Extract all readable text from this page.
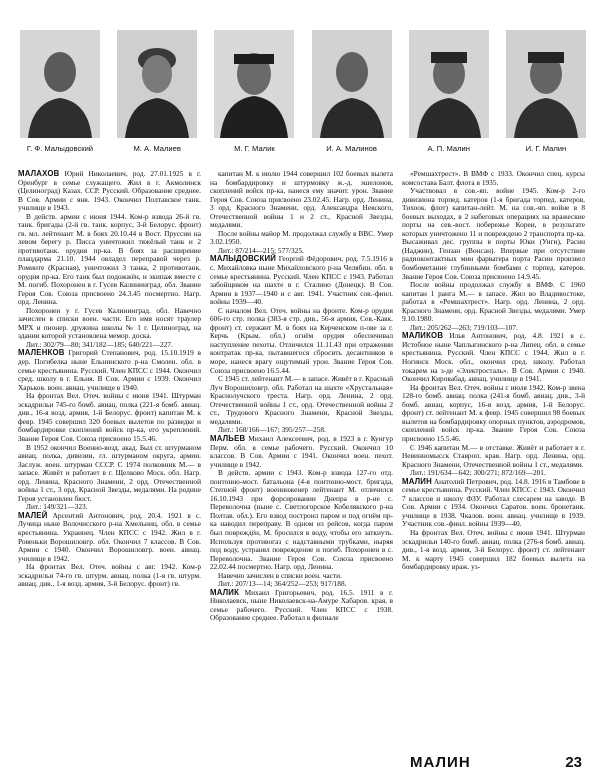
Г. Ф. Малыдовский	М. А. Малиев	М. Г. Малик	И. А. Малинов	А. П. Малин	И. Г. Малин

МАЛАХОВ Юрий Николаевич, род. 27.01.1925 в г. Оренбург в семье служащего. Жил в г. Акмолинск (Целиноград) Казах. ССР. Русский. Образование среднее. В Сов. Армии с янв. 1943. Окончил Полтавское танк. училище в 1943.

В действ. армии с июня 1944. Ком-р взвода 26-й гв. танк. бригады (2-й гв. танк. корпус, 3-й Белорус. фронт) гв. мл. лейтенант М. в боях 20.10.44 в Вост. Пруссии на левом берегу р. Писса уничтожил тяжёлый танк и 2 противотанк. орудия пр-ка. В боях за расширение плацдарма 21.10. 1944 овладел переправой через р. Роминте (Красная), уничтожил 3 танка, 2 противотанк. орудия пр-ка. Его танк был подожжён, и экипаж вместе с М. погиб. Похоронен в г. Гусев Калининград. обл. Звание Героя Сов. Союза присвоено 24.3.45 посмертно. Нагр. орд. Ленина.

Похоронен у г. Гусев Калининград. обл. Навечно зачислен в списки воен. части. Его имя носят траулер МРХ и пионер. дружина школы № 1 г. Целиноград, на здании которой установлена мемор. доска.

Лит.: 302/79—80; 341/182—185; 640/221—227.

МАЛЕНКОВ Григорий Степанович, род. 15.10.1919 в дер. Погибелка ныне Ельнинского р-на Смолен. обл. в семье крестьянина. Русский. Член КПСС с 1944. Окончил сред. школу в г. Ельня. В Сов. Армии с 1939. Окончил Харьков. воен. авиац. училище в 1940.

На фронтах Вел. Отеч. войны с июня 1941. Штурман эскадрильи 745-го бомб. авиац. полка (221-я бомб. авиац. див., 16-я возд. армия, 1-й Белорус. фронт) капитан М. к февр. 1945 совершил 320 боевых вылетов по разведке и бомбардировке скоплений войск пр-ка, его укреплений. Звание Героя Сов. Союза присвоено 15.5.46.

В 1952 окончил Военно-возд. акад. Был ст. штурманом авиац. полка, дивизии, гл. штурманом округа, армии. Заслуж. воен. штурман СССР. С 1974 полковник М.— в запасе. Живёт и работает в г. Щелково Моск. обл. Нагр. орд. Ленина, Красного Знамени, 2 орд. Отечественной войны 1 ст., 3 орд. Красной Звезды, медалями. На родине Героя установлен бюст.

Лит.: 149/321—323.

МАЛЕЙ Арсентий Антонович, род. 20.4. 1921 в с. Лучица ныне Волочисского р-на Хмельниц. обл. в семье крестьянина. Украинец. Член КПСС с 1942. Жил в г. Ровеньки Ворошиловгр. обл. Окончил 7 классов. В Сов. Армии с 1940. Окончил Ворошиловгр. воен. авиац. училище в 1942.

На фронтах Вел. Отеч. войны с авг. 1942. Ком-р эскадрильи 74-го гв. штурм. авиац. полка (1-я гв. штурм. авиац. див., 1-я возд. армия, 3-й Белорус. фронт) гв.

капитан М. к июлю 1944 совершил 102 боевых вылета на бомбардировку и штурмовку ж.-д. эшелонов, скоплений войск пр-ка, нанеся ему значит. урон. Звание Героя Сов. Союза присвоено 23.02.45. Нагр. орд. Ленина, 3 орд. Красного Знамени, орд. Александра Невского, Отечественной войны 1 и 2 ст., Красной Звезды, медалями.

После войны майор М. продолжал службу в ВВС. Умер 3.02.1950.

Лит.: 87/214—215; 577/325.

МАЛЫДОВСКИЙ Георгий Фёдорович, род. 7.5.1916 в с. Михайловка ныне Михайловского р-на Челябин. обл. в семье крестьянина. Русский. Член КПСС с 1943. Работал забойщиком на шахте в г. Сталино (Донецк). В Сов. Армии в 1937—1940 и с авг. 1941. Участник сов.-финл. войны 1939—40.

С началом Вел. Отеч. войны на фронте. Ком-р орудия 606-го стр. полка (383-я стр. див., 56-я армия, Сев.-Кавк. фронт) ст. сержант М. в боях на Керченском п-ове за г. Керчь (Крым. обл.) огнём орудия обеспечивал наступление пехоты. Отличился 11.11.43 при отражении контратак пр-ка, пытавшегося сбросить десантников в море, нанеся врагу ощутимый урон. Звание Героя Сов. Союза присвоено 16.5.44.

С 1945 ст. лейтенант М.— в запасе. Живёт в г. Красный Луч Ворошиловгр. обл. Работал на шахте «Хрустальная» Краснолучского треста. Нагр. орд. Ленина, 2 орд. Отечественной войны 1 ст., орд. Отечественной войны 2 ст., Трудового Красного Знамени, Красной Звезды, медалями.

Лит.: 168/166—167; 395/257—258.

МАЛЬЕВ Михаил Алексеевич, род. в 1923 в г. Кунгур Перм. обл. в семье рабочего. Русский. Окончил 10 классов. В Сов. Армии с 1941. Окончил воен. пехот. училище в 1942.

В действ. армии с 1943. Ком-р взвода 127-го отд. понтонно-мост. батальона (4-я понтонно-мост. бригада, Степной фронт) военинженер лейтенант М. отличился 16.10.1943 при форсировании Днепра в р-не с. Переволочна (ныне с. Светлогорское Кобелякского р-на Полтав. обл.). Его взвод построил паром и под огнём пр-ка наводил переправу. В одном из рейсов, когда паром был повреждён, М. бросился в воду, чтобы его заткнуть. Используя противогаз с надставными трубками, ныряя под воду, устранял повреждение и погиб. Похоронен в с. Переволочна. Звание Героя Сов. Союза присвоено 22.02.44 посмертно. Нагр. орд. Ленина.

Навечно зачислен в списки воен. части.

Лит.: 207/13—14; 364/252—253; 917/188.

МАЛИК Михаил Григорьевич, род. 16.5. 1911 в г. Николаевск, ныне Николаевск-на-Амуре Хабаров. края, в семье рабочего. Русский. Член КПСС с 1938. Образование среднее. Работал в филиале

«Ремшахтрест». В ВМФ с 1933. Окончил спец. курсы комсостава Балт. флота в 1935.

Участвовал в сов.-яп. войне 1945. Ком-р 2-го дивизиона торпед. катеров (1-я бригада торпед. катеров, Тихоок. флот) капитан-лейт. М. на сов.-яп. войне в 8 боевых выходах, в 2 набеговых операциях на вражеские порты на сев.-вост. побережье Кореи, в результате которых уничтожено 11 и повреждено 2 транспорта пр-ка. Высаживал дес. группы в порты Юки (Унги), Расин (Наджин), Гензан (Вонсан). Впервые при отсутствии радиоконтактных мин фарватера порта Расин произвел бомбометание глубинными бомбами с торпед. катеров. Звание Героя Сов. Союза присвоено 14.9.45.

После войны продолжал службу в ВМФ. С 1960 капитан 1 ранга М.— в запасе. Жил во Владивостоке, работал в «Ремшахтрест». Нагр. орд. Ленина, 2 орд. Красного Знамени, орд. Красной Звезды, медалями. Умер 9.10.1980.

Лит.: 205/262—263; 719/103—107.

МАЛИКОВ Илья Антонович, род. 4.8. 1921 в с. Истобное ныне Чаплыгинского р-на Липец. обл. в семье крестьянина. Русский. Член КПСС с 1944. Жил в г. Ногинск Моск. обл., окончил сред. школу. Работал токарем на з-де «Электросталь». В Сов. Армии с 1940. Окончил Кировабад. авиац. училище в 1941.

На фронтах Вел. Отеч. войны с июля 1942. Ком-р звена 128-го бомб. авиац. полка (241-я бомб. авиац. див., 3-й бомб. авиац. корпус, 16-я возд. армия, 1-й Белорус. фронт) ст. лейтенант М. к февр. 1945 совершил 98 боевых вылетов на бомбардировку опорных пунктов, аэродромов, скоплений войск пр-ка. Звание Героя Сов. Союза присвоено 15.5.46.

С 1946 капитан М.— в отставке. Живёт и работает в г. Невинномысск Ставроп. края. Нагр. орд. Ленина, орд. Красного Знамени, Отечественной войны 1 ст., медалями.

Лит.: 191/634—642; 300/271; 872/169—201.

МАЛИН Анатолий Петрович, род. 14.8. 1916 в Тамбове в семье крестьянина. Русский. Член КПСС с 1943. Окончил 7 классов и школу ФЗУ. Работал слесарем на заводе. В Сов. Армии с 1934. Окончил Саратов. воен. бронетанк. училище в 1938. Чкалов. воен. авиац. училище в 1939. Участник сов.-финл. войны 1939—40.

На фронтах Вел. Отеч. войны с июня 1941. Штурман эскадрильи 140-го бомб. авиац. полка (276-я бомб. авиац. див., 1-я возд. армия, 3-й Белорус. фронт) ст. лейтенант М. к марту 1945 совершил 182 боевых вылета на бомбардировку враж. уз-

МАЛИН	23
